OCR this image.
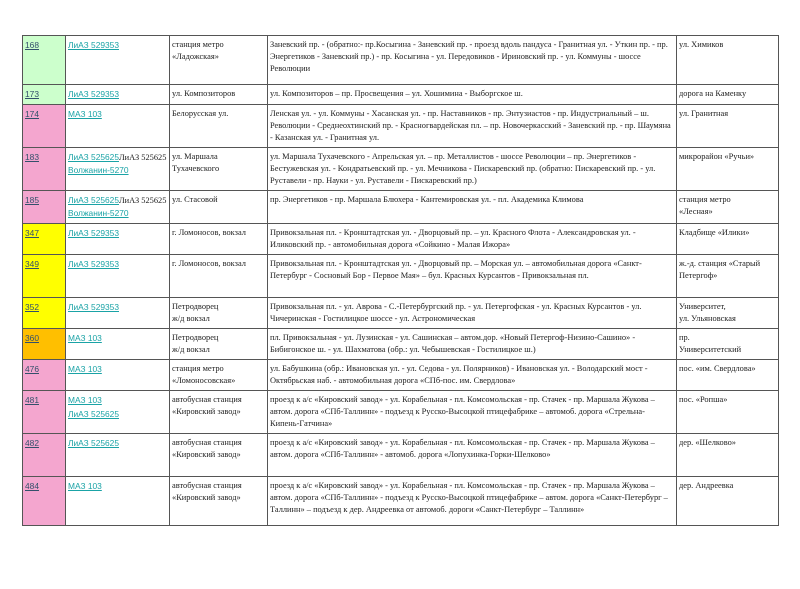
168	ЛиАЗ 529353	станция метро
«Ладожская»	Заневский пр. - (обратно:- пр.Косыгина - Заневский пр. - проезд вдоль пандуса - Гранитная ул. - Уткин пр. - пр. Энергетиков - Заневский пр.) - пр. Косыгина - ул. Передовиков - Ириновский пр. - ул. Коммуны - шоссе Революции	ул. Химиков

173	ЛиАЗ 529353	ул. Композиторов	ул. Композиторов – пр. Просвещения – ул. Хошимина - Выборгское ш.	дорога на Каменку

174	МАЗ 103	Белорусская ул.	Ленская ул. - ул. Коммуны - Хасанская ул. - пр. Наставников - пр. Энтузиастов - пр. Индустриальный – ш. Революции - Среднеохтинский пр. - Красногвардейская пл. – пр. Новочеркасский - Заневский пр. - пр. Шаумяна - Казанская ул. - Гранитная ул.	ул. Гранитная

183	ЛиАЗ 525625ЛиАЗ 525625 Волжанин-5270	ул. Маршала
Тухачевского	ул. Маршала Тухачевского - Апрельская ул. – пр. Металлистов - шоссе Революции – пр. Энергетиков - Бестужевская ул. - Кондратьевский пр. - ул. Мечникова - Пискаревский пр. (обратно: Пискаревский пр. - ул. Руставели - пр. Науки - ул. Руставели - Пискаревский пр.)	микрорайон «Ручьи»

185	ЛиАЗ 525625ЛиАЗ 525625 Волжанин-5270	ул. Стасовой	пр. Энергетиков - пр. Маршала Блюхера - Кантемировская ул. - пл. Академика Климова	станция метро
«Лесная»

347	ЛиАЗ 529353	г. Ломоносов, вокзал	Привокзальная пл. - Кронштадтская ул. - Дворцовый пр. – ул. Красного Флота - Александровская ул. - Иликовский пр. - автомобильная дорога «Сойкино - Малая Ижора»	Кладбище «Илики»

349	ЛиАЗ 529353	г. Ломоносов, вокзал	Привокзальная пл. - Кронштадтская ул. - Дворцовый пр. – Морская ул. – автомобильная дорога «Санкт-Петербург - Сосновый Бор - Первое Мая» – бул. Красных Курсантов - Привокзальная пл.	ж.-д. станция «Старый Петергоф»

352	ЛиАЗ 529353	Петродворец
ж/д вокзал	Привокзальная пл. - ул. Аврова - С.-Петербургский пр. - ул. Петергофская - ул. Красных Курсантов - ул. Чичеринская - Гостилицкое шоссе - ул. Астрономическая	Университет,
ул. Ульяновская

360	МАЗ 103	Петродворец
ж/д вокзал	пл. Привокзальная - ул. Лузинская - ул. Сашинская – автом.дор. «Новый Петергоф-Низино-Сашино» - Бибигонское ш. - ул. Шахматова (обр.: ул. Чебышевская - Гостилицкое ш.)	пр.
Университетский

476	МАЗ 103	станция метро
«Ломоносовская»	ул. Бабушкина (обр.: Ивановская ул. - ул. Седова - ул. Полярников) - Ивановская ул. - Володарский мост - Октябрьская наб. - автомобильная дорога «СПб-пос. им. Свердлова»	пос. «им. Свердлова»

481	МАЗ 103
ЛиАЗ 525625	автобусная станция
«Кировский завод»	проезд к а/с «Кировский завод» - ул. Корабельная - пл. Комсомольская - пр. Стачек - пр. Маршала Жукова – автом. дорога «СПб-Таллинн» - подъезд к Русско-Высоцкой птицефабрике – автомоб. дорога «Стрельна-Кипень-Гатчина»	пос. «Ропша»

482	ЛиАЗ 525625	автобусная станция
«Кировский завод»	проезд к а/с «Кировский завод» - ул. Корабельная - пл. Комсомольская - пр. Стачек - пр. Маршала Жукова – автом. дорога «СПб-Таллинн» - автомоб. дорога «Лопухинка-Горки-Шелково»	дер. «Шелково»

484	МАЗ 103	автобусная станция
«Кировский завод»	проезд к а/с «Кировский завод» - ул. Корабельная - пл. Комсомольская - пр. Стачек - пр. Маршала Жукова – автом. дорога «СПб-Таллинн» - подъезд к Русско-Высоцкой птицефабрике – автом. дорога «Санкт-Петербург – Таллинн» – подъезд к дер. Андреевка от автомоб. дороги «Санкт-Петербург – Таллинн»	дер. Андреевка
